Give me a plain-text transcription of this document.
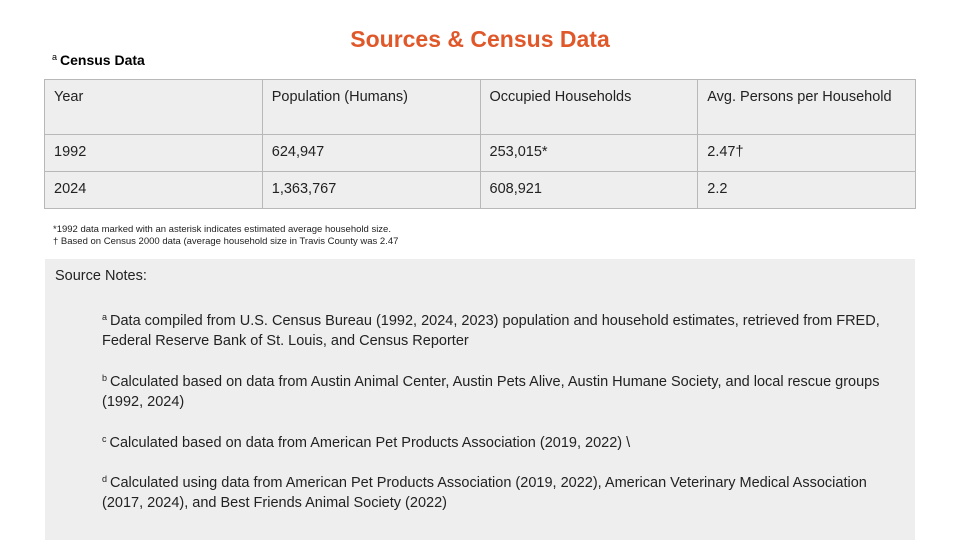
Sources & Census Data
$^a$ Census Data
Year	Population (Humans)	Occupied Households	Avg. Persons per Household
1992	624,947	253,015*	2.47†
2024	1,363,767	608,921	2.2
*1992 data marked with an asterisk indicates estimated average household size.
† Based on Census 2000 data (average household size in Travis County was 2.47
Source Notes:
$^a$ Data compiled from U.S. Census Bureau (1992, 2024, 2023) population and household estimates, retrieved from FRED, Federal Reserve Bank of St. Louis, and Census Reporter
$^b$ Calculated based on data from Austin Animal Center, Austin Pets Alive, Austin Humane Society, and local rescue groups (1992, 2024)
$^c$ Calculated based on data from American Pet Products Association (2019, 2022) \
$^d$ Calculated using data from American Pet Products Association (2019, 2022), American Veterinary Medical Association (2017, 2024), and Best Friends Animal Society (2022)
